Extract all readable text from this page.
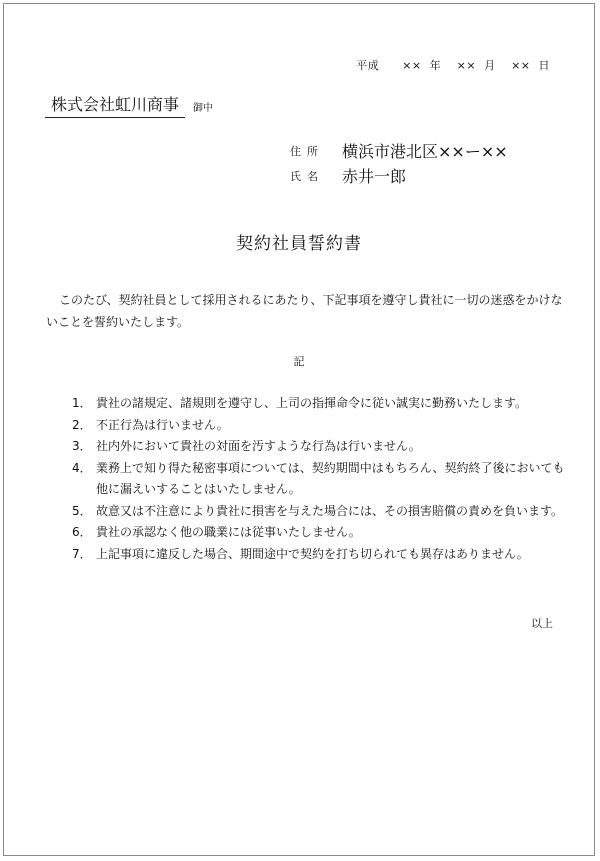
平成　　××  年　 ××  月　 ××  日
株式会社虹川商事	御中
住所	横浜市港北区××ー××
氏名	赤井一郎
契約社員誓約書
このたび、契約社員として採用されるにあたり、下記事項を遵守し貴社に一切の迷惑をかけないことを誓約いたします。
記
1． 貴社の諸規定、諸規則を遵守し、上司の指揮命令に従い誠実に勤務いたします。
2． 不正行為は行いません。
3． 社内外において貴社の対面を汚すような行為は行いません。
4． 業務上で知り得た秘密事項については、契約期間中はもちろん、契約終了後においても他に漏えいすることはいたしません。
5． 故意又は不注意により貴社に損害を与えた場合には、その損害賠償の責めを負います。
6． 貴社の承認なく他の職業には従事いたしません。
7． 上記事項に違反した場合、期間途中で契約を打ち切られても異存はありません。
以上
